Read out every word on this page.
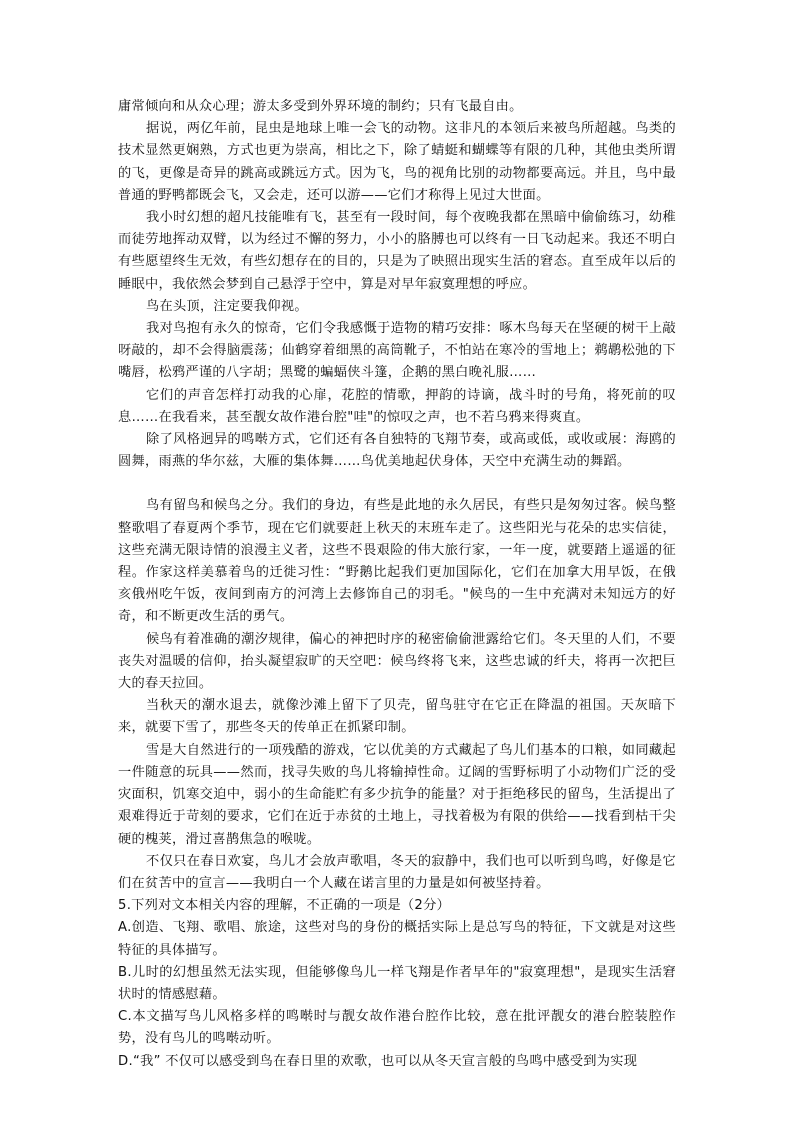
庸常倾向和从众心理；游太多受到外界环境的制约；只有飞最自由。

据说，两亿年前，昆虫是地球上唯一会飞的动物。这非凡的本领后来被鸟所超越。鸟类的技术显然更娴熟，方式也更为崇高，相比之下，除了蜻蜓和蝴蝶等有限的几种，其他虫类所谓的飞，更像是奇异的跳高或跳远方式。因为飞，鸟的视角比别的动物都要高远。并且，鸟中最普通的野鸭都既会飞，又会走，还可以游——它们才称得上见过大世面。

我小时幻想的超凡技能唯有飞，甚至有一段时间，每个夜晚我都在黑暗中偷偷练习，幼稚而徒劳地挥动双臂，以为经过不懈的努力，小小的胳膊也可以终有一日飞动起来。我还不明白有些愿望终生无效，有些幻想存在的目的，只是为了映照出现实生活的窘态。直至成年以后的睡眠中，我依然会梦到自己悬浮于空中，算是对早年寂寞理想的呼应。

鸟在头顶，注定要我仰视。

我对鸟抱有永久的惊奇，它们令我感慨于造物的精巧安排：啄木鸟每天在坚硬的树干上敲呀敲的，却不会得脑震荡；仙鹤穿着细黑的高筒靴子，不怕站在寒冷的雪地上；鹈鹕松弛的下嘴唇，松鸦严谨的八字胡；黑鹭的蝙蝠侠斗篷，企鹅的黑白晚礼服……

它们的声音怎样打动我的心扉，花腔的情歌，押韵的诗谪，战斗时的号角，将死前的叹息……在我看来，甚至靓女故作港台腔"哇"的惊叹之声，也不若乌鸦来得爽直。

除了风格迥异的鸣啭方式，它们还有各自独特的飞翔节奏，或高或低，或收或展：海鸥的圆舞，雨燕的华尔兹，大雁的集体舞……鸟优美地起伏身体，天空中充满生动的舞蹈。

鸟有留鸟和候鸟之分。我们的身边，有些是此地的永久居民，有些只是匆匆过客。候鸟整整歌唱了春夏两个季节，现在它们就要赶上秋天的末班车走了。这些阳光与花朵的忠实信徒，这些充满无限诗情的浪漫主义者，这些不畏艰险的伟大旅行家，一年一度，就要踏上遥遥的征程。作家这样美慕着鸟的迁徙习性：“野鹅比起我们更加国际化，它们在加拿大用早饭，在俄亥俄州吃午饭，夜间到南方的河湾上去修饰自己的羽毛。"候鸟的一生中充满对未知远方的好奇，和不断更改生活的勇气。

候鸟有着准确的潮汐规律，偏心的神把时序的秘密偷偷泄露给它们。冬天里的人们，不要丧失对温暖的信仰，抬头凝望寂旷的天空吧：候鸟终将飞来，这些忠诚的纤夫，将再一次把巨大的春天拉回。

当秋天的潮水退去，就像沙滩上留下了贝壳，留鸟驻守在它正在降温的祖国。天灰暗下来，就要下雪了，那些冬天的传单正在抓紧印制。

雪是大自然进行的一项残酷的游戏，它以优美的方式藏起了鸟儿们基本的口粮，如同藏起一件随意的玩具——然而，找寻失败的鸟儿将输掉性命。辽阔的雪野标明了小动物们广泛的受灾面积，饥寒交迫中，弱小的生命能贮有多少抗争的能量？对于拒绝移民的留鸟，生活提出了艰难得近于苛刻的要求，它们在近于赤贫的土地上，寻找着极为有限的供给——找看到枯干尖硬的槐荚，滑过喜鹊焦急的喉咙。

不仅只在春日欢宴，鸟儿才会放声歌唱，冬天的寂静中，我们也可以听到鸟鸣，好像是它们在贫苦中的宣言——我明白一个人藏在诺言里的力量是如何被坚持着。

5.下列对文本相关内容的理解，不正确的一项是（2分）

A.创造、飞翔、歌唱、旅途，这些对鸟的身份的概括实际上是总写鸟的特征，下文就是对这些特征的具体描写。

B.儿时的幻想虽然无法实现，但能够像鸟儿一样飞翔是作者早年的"寂寞理想"，是现实生活窘状时的情感慰藉。

C.本文描写鸟儿风格多样的鸣啭时与靓女故作港台腔作比较，意在批评靓女的港台腔装腔作势，没有鸟儿的鸣啭动听。

D.“我” 不仅可以感受到鸟在春日里的欢歌，也可以从冬天宣言般的鸟鸣中感受到为实现
